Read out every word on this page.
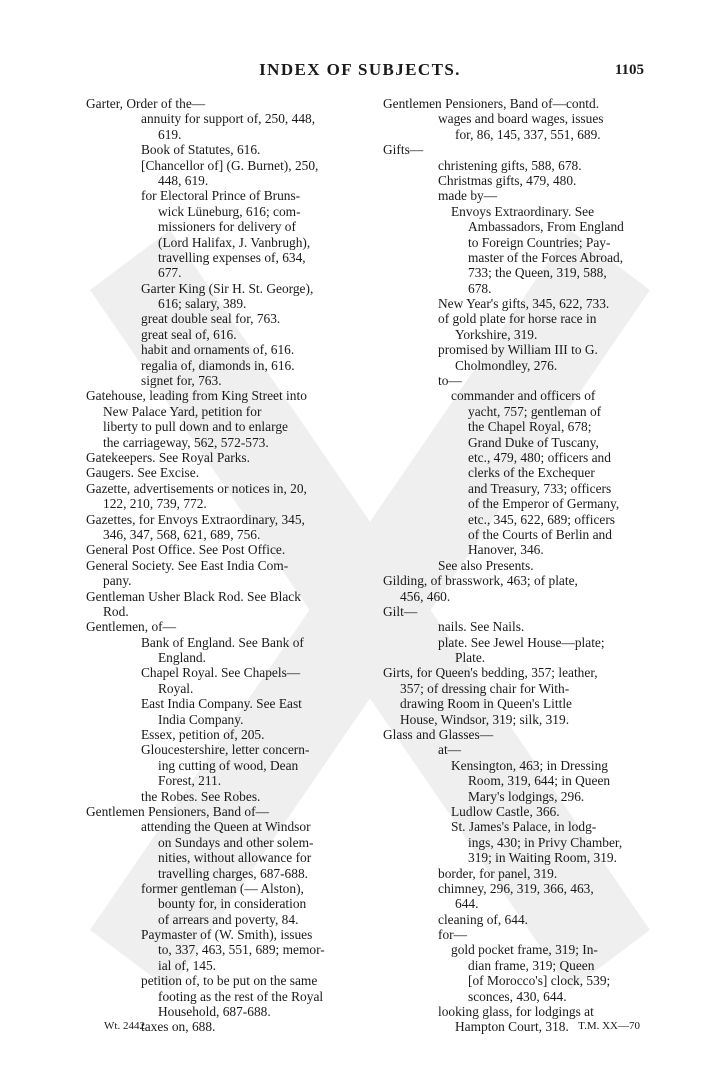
INDEX OF SUBJECTS.	1105
Garter, Order of the—
annuity for support of, 250, 448,
619.
Book of Statutes, 616.
[Chancellor of] (G. Burnet), 250,
448, 619.
for Electoral Prince of Bruns-
wick Lüneburg, 616; com-
missioners for delivery of
(Lord Halifax, J. Vanbrugh),
travelling expenses of, 634,
677.
Garter King (Sir H. St. George),
616; salary, 389.
great double seal for, 763.
great seal of, 616.
habit and ornaments of, 616.
regalia of, diamonds in, 616.
signet for, 763.
Gatehouse, leading from King Street into
New Palace Yard, petition for
liberty to pull down and to enlarge
the carriageway, 562, 572-573.
Gatekeepers. See Royal Parks.
Gaugers. See Excise.
Gazette, advertisements or notices in, 20,
122, 210, 739, 772.
Gazettes, for Envoys Extraordinary, 345,
346, 347, 568, 621, 689, 756.
General Post Office. See Post Office.
General Society. See East India Com-
pany.
Gentleman Usher Black Rod. See Black
Rod.
Gentlemen, of—
Bank of England. See Bank of
England.
Chapel Royal. See Chapels—
Royal.
East India Company. See East
India Company.
Essex, petition of, 205.
Gloucestershire, letter concern-
ing cutting of wood, Dean
Forest, 211.
the Robes. See Robes.
Gentlemen Pensioners, Band of—
attending the Queen at Windsor
on Sundays and other solem-
nities, without allowance for
travelling charges, 687-688.
former gentleman (— Alston),
bounty for, in consideration
of arrears and poverty, 84.
Paymaster of (W. Smith), issues
to, 337, 463, 551, 689; memor-
ial of, 145.
petition of, to be put on the same
footing as the rest of the Royal
Household, 687-688.
taxes on, 688.
Gentlemen Pensioners, Band of—contd.
wages and board wages, issues
for, 86, 145, 337, 551, 689.
Gifts—
christening gifts, 588, 678.
Christmas gifts, 479, 480.
made by—
Envoys Extraordinary. See
Ambassadors, From England
to Foreign Countries; Pay-
master of the Forces Abroad,
733; the Queen, 319, 588,
678.
New Year's gifts, 345, 622, 733.
of gold plate for horse race in
Yorkshire, 319.
promised by William III to G.
Cholmondley, 276.
to—
commander and officers of
yacht, 757; gentleman of
the Chapel Royal, 678;
Grand Duke of Tuscany,
etc., 479, 480; officers and
clerks of the Exchequer
and Treasury, 733; officers
of the Emperor of Germany,
etc., 345, 622, 689; officers
of the Courts of Berlin and
Hanover, 346.
See also Presents.
Gilding, of brasswork, 463; of plate,
456, 460.
Gilt—
nails. See Nails.
plate. See Jewel House—plate;
Plate.
Girts, for Queen's bedding, 357; leather,
357; of dressing chair for With-
drawing Room in Queen's Little
House, Windsor, 319; silk, 319.
Glass and Glasses—
at—
Kensington, 463; in Dressing
Room, 319, 644; in Queen
Mary's lodgings, 296.
Ludlow Castle, 366.
St. James's Palace, in lodg-
ings, 430; in Privy Chamber,
319; in Waiting Room, 319.
border, for panel, 319.
chimney, 296, 319, 366, 463,
644.
cleaning of, 644.
for—
gold pocket frame, 319; In-
dian frame, 319; Queen
[of Morocco's] clock, 539;
sconces, 430, 644.
looking glass, for lodgings at
Hampton Court, 318.
Wt. 2442	T.M. XX—70
